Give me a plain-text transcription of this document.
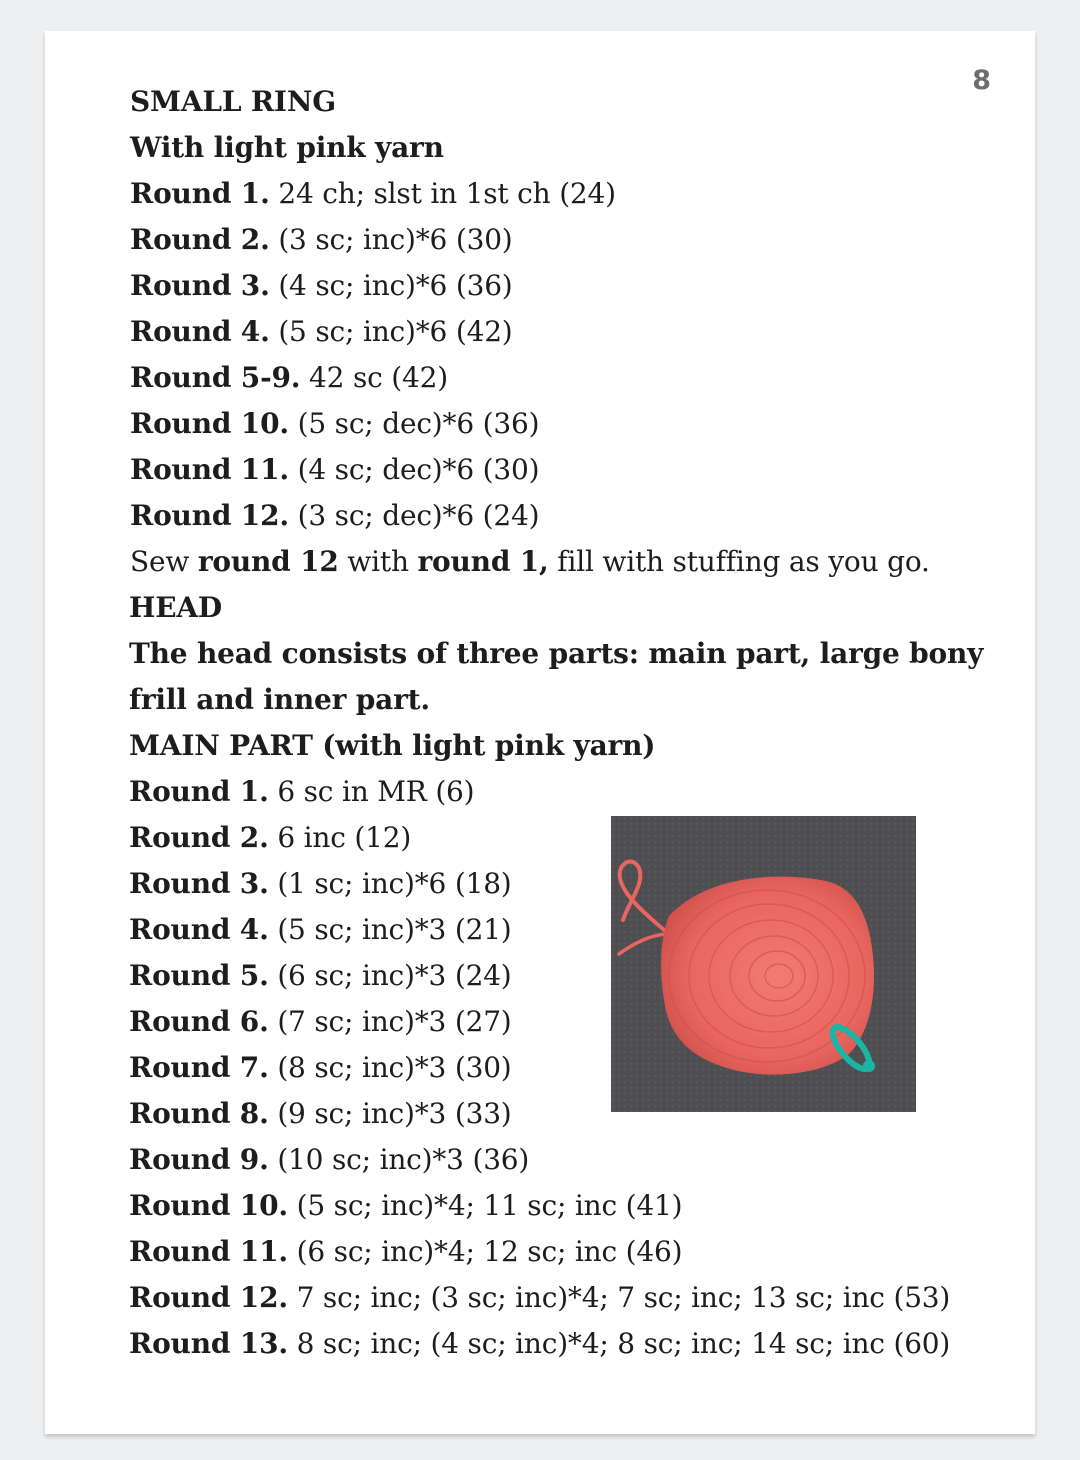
8
SMALL RING
With light pink yarn
Round 1. 24 ch; slst in 1st ch (24)
Round 2. (3 sc; inc)*6 (30)
Round 3. (4 sc; inc)*6 (36)
Round 4. (5 sc; inc)*6 (42)
Round 5-9. 42 sc (42)
Round 10. (5 sc; dec)*6 (36)
Round 11. (4 sc; dec)*6 (30)
Round 12. (3 sc; dec)*6 (24)
Sew round 12 with round 1, fill with stuffing as you go.
HEAD
The head consists of three parts: main part, large bony
frill and inner part.
MAIN PART (with light pink yarn)
Round 1. 6 sc in MR (6)
Round 2. 6 inc (12)
Round 3. (1 sc; inc)*6 (18)
Round 4. (5 sc; inc)*3 (21)
Round 5. (6 sc; inc)*3 (24)
Round 6. (7 sc; inc)*3 (27)
Round 7. (8 sc; inc)*3 (30)
Round 8. (9 sc; inc)*3 (33)
Round 9. (10 sc; inc)*3 (36)
Round 10. (5 sc; inc)*4; 11 sc; inc (41)
Round 11. (6 sc; inc)*4; 12 sc; inc (46)
Round 12. 7 sc; inc; (3 sc; inc)*4; 7 sc; inc; 13 sc; inc (53)
Round 13. 8 sc; inc; (4 sc; inc)*4; 8 sc; inc; 14 sc; inc (60)
